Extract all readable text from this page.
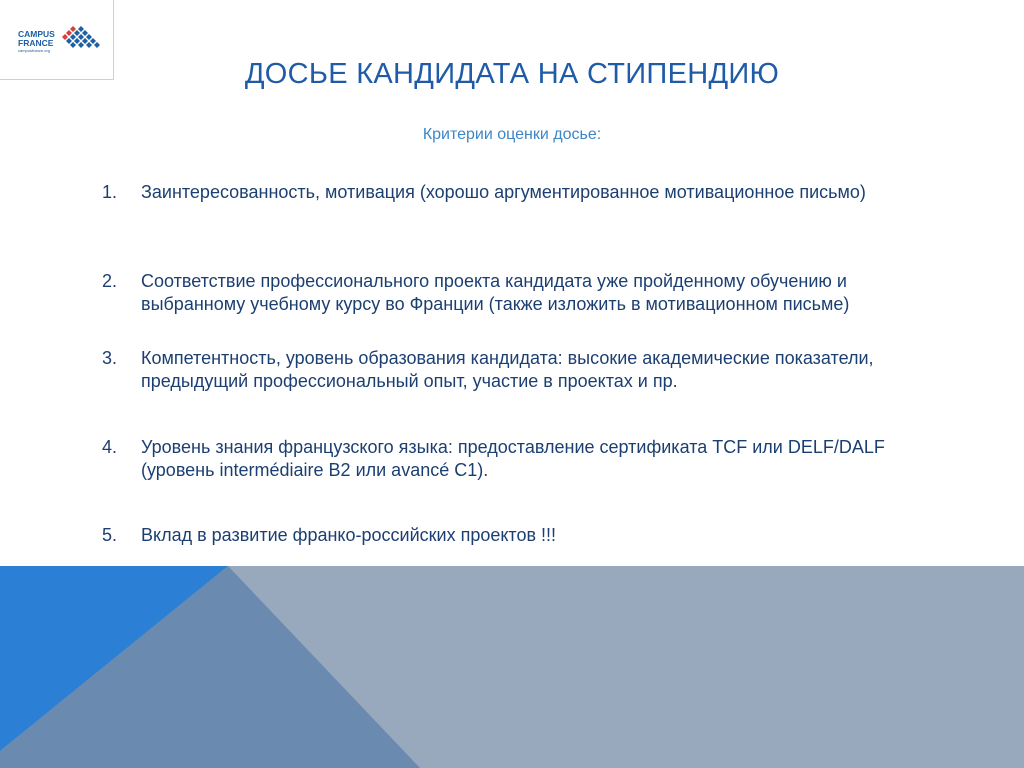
CAMPUS
FRANCE
campusfrance.org
ДОСЬЕ КАНДИДАТА НА СТИПЕНДИЮ
Критерии оценки досье:
1. Заинтересованность, мотивация (хорошо аргументированное мотивационное письмо)
2. Соответствие профессионального проекта кандидата уже пройденному обучению и выбранному учебному курсу во Франции (также изложить в мотивационном письме)
3. Компетентность, уровень образования кандидата: высокие академические показатели, предыдущий профессиональный опыт, участие в проектах и пр.
4. Уровень знания французского языка: предоставление сертификата TCF или DELF/DALF (уровень intermédiaire B2 или avancé C1).
5. Вклад в развитие франко-российских проектов !!!
